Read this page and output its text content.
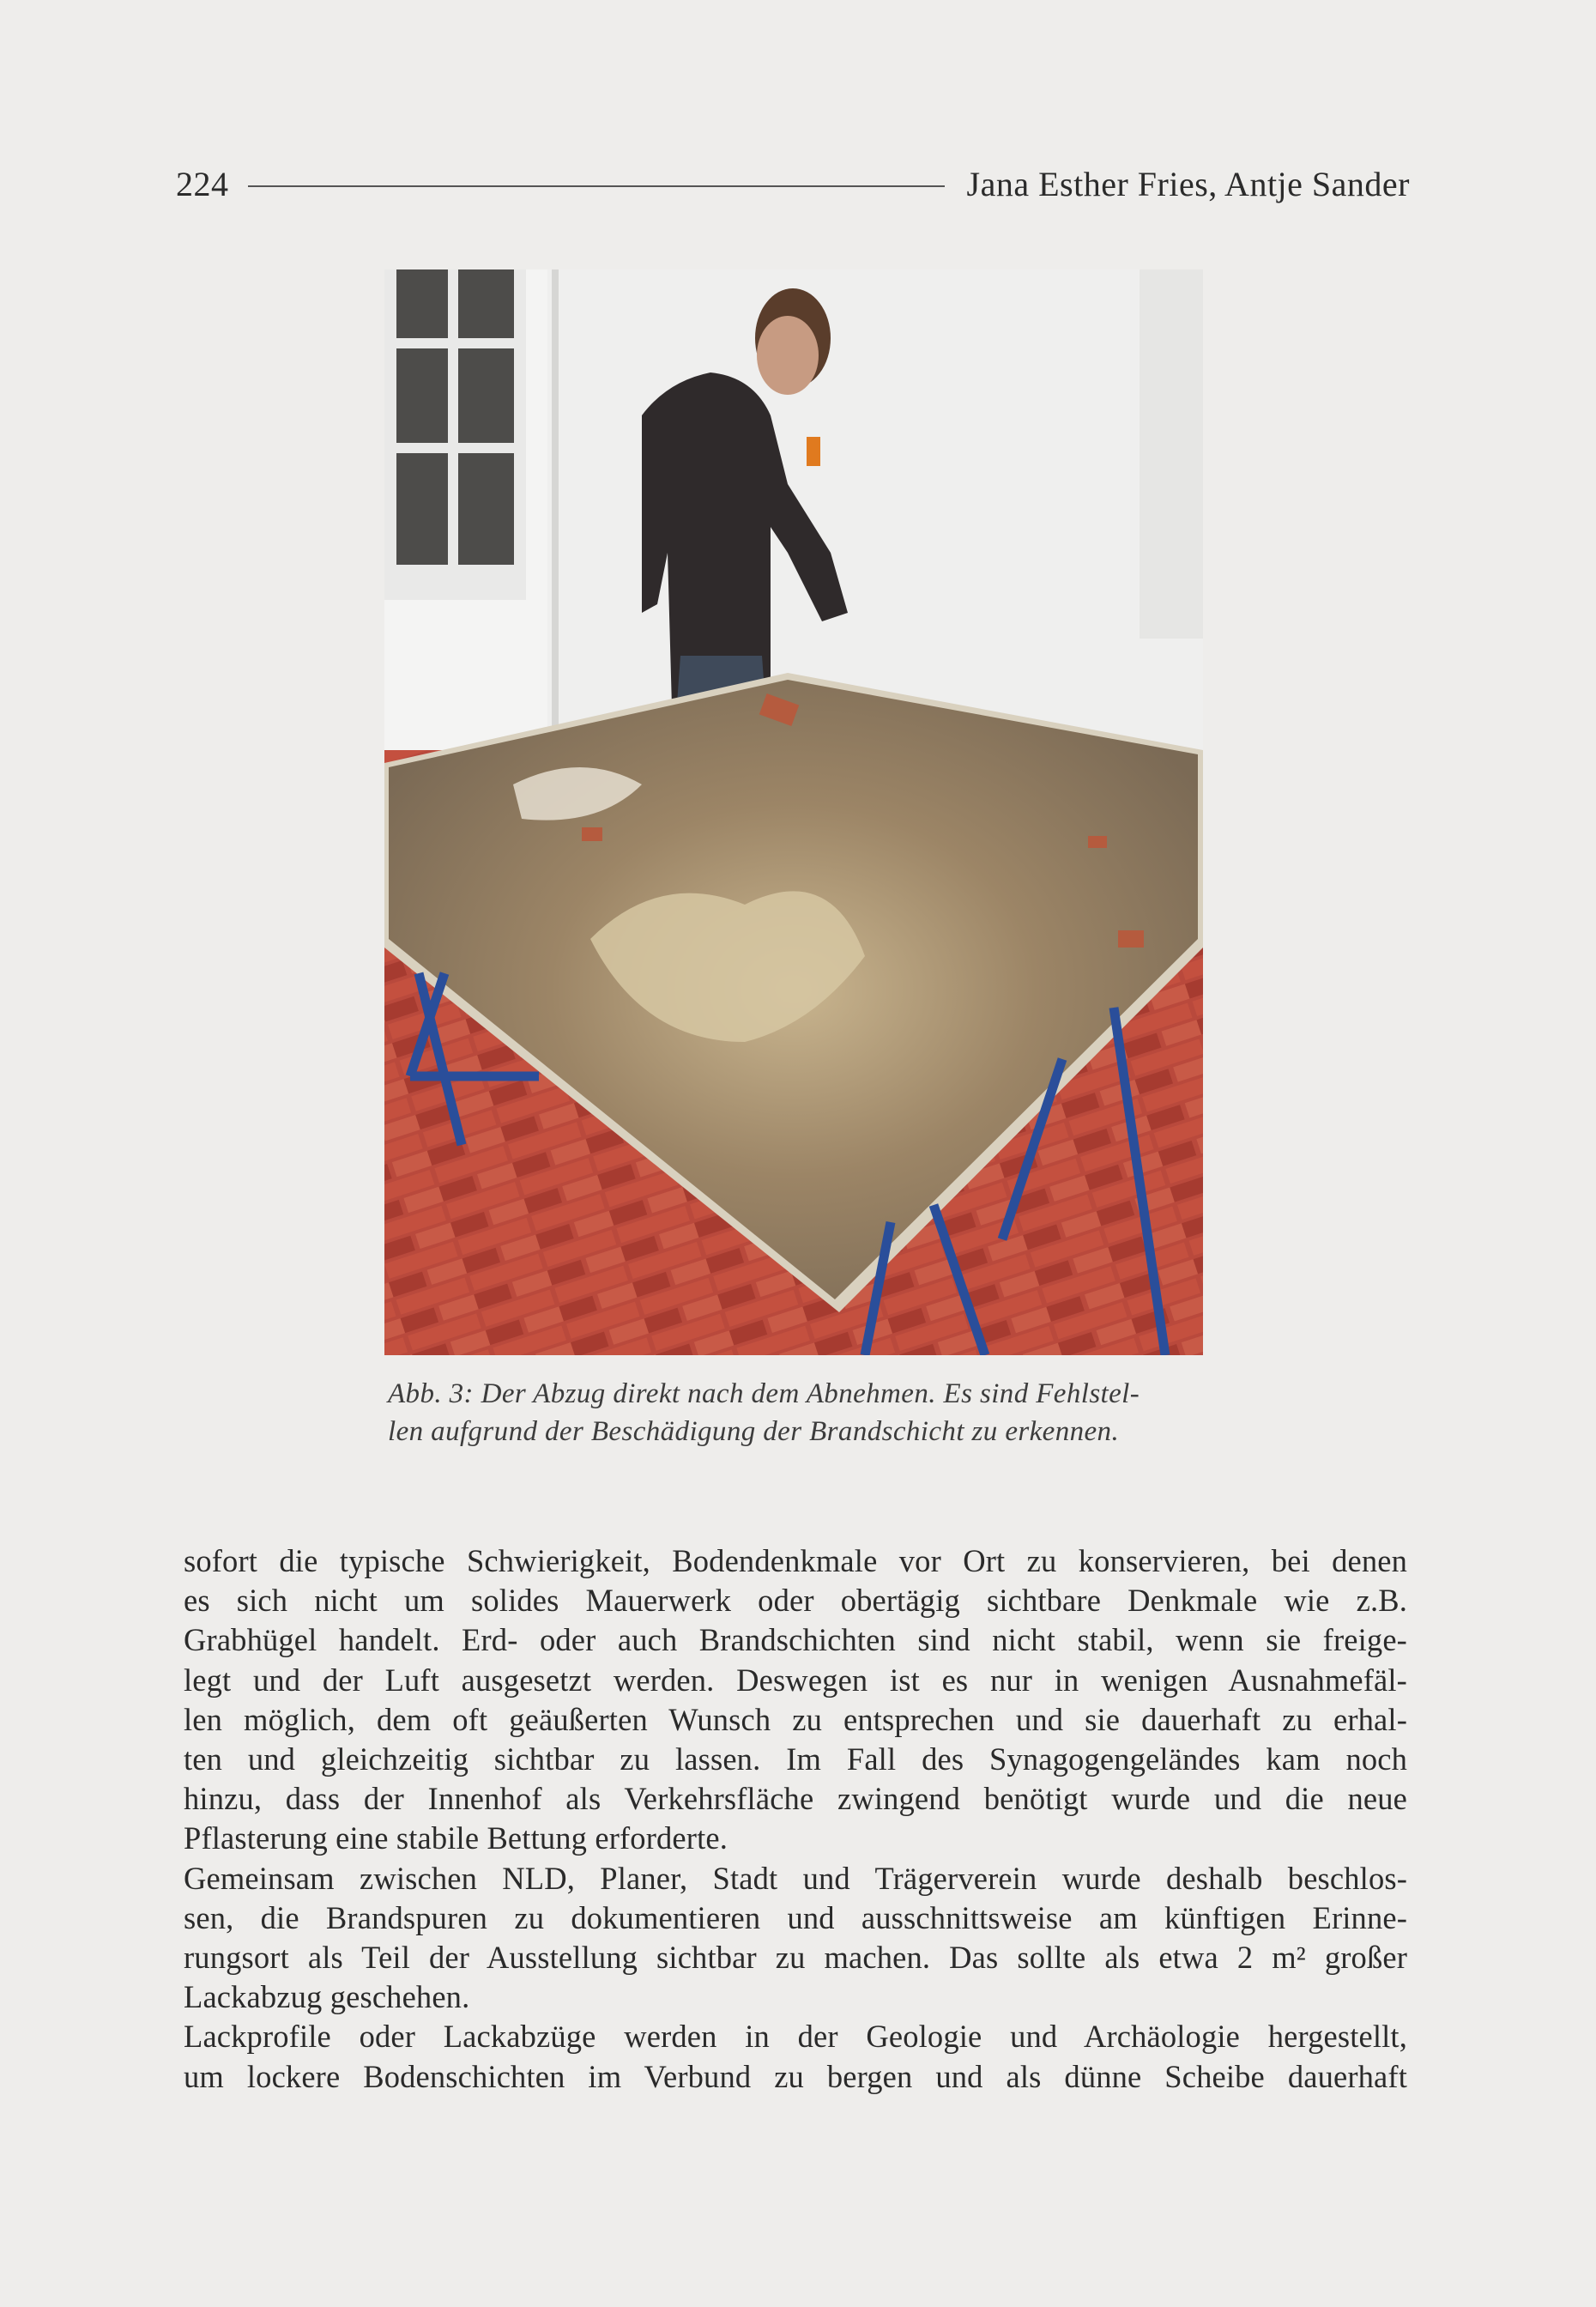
224	Jana Esther Fries, Antje Sander

Abb. 3: Der Abzug direkt nach dem Abnehmen. Es sind Fehlstel-

len aufgrund der Beschädigung der Brandschicht zu erkennen.

sofort die typische Schwierigkeit, Bodendenkmale vor Ort zu konservieren, bei denen
es sich nicht um solides Mauerwerk oder obertägig sichtbare Denkmale wie z.B.
Grabhügel handelt. Erd- oder auch Brandschichten sind nicht stabil, wenn sie freige-
legt und der Luft ausgesetzt werden. Deswegen ist es nur in wenigen Ausnahmefäl-
len möglich, dem oft geäußerten Wunsch zu entsprechen und sie dauerhaft zu erhal-
ten und gleichzeitig sichtbar zu lassen. Im Fall des Synagogengeländes kam noch
hinzu, dass der Innenhof als Verkehrsfläche zwingend benötigt wurde und die neue
Pflasterung eine stabile Bettung erforderte.
Gemeinsam zwischen NLD, Planer, Stadt und Trägerverein wurde deshalb beschlos-
sen, die Brandspuren zu dokumentieren und ausschnittsweise am künftigen Erinne-
rungsort als Teil der Ausstellung sichtbar zu machen. Das sollte als etwa 2 m² großer
Lackabzug geschehen.
Lackprofile oder Lackabzüge werden in der Geologie und Archäologie hergestellt,
um lockere Bodenschichten im Verbund zu bergen und als dünne Scheibe dauerhaft
